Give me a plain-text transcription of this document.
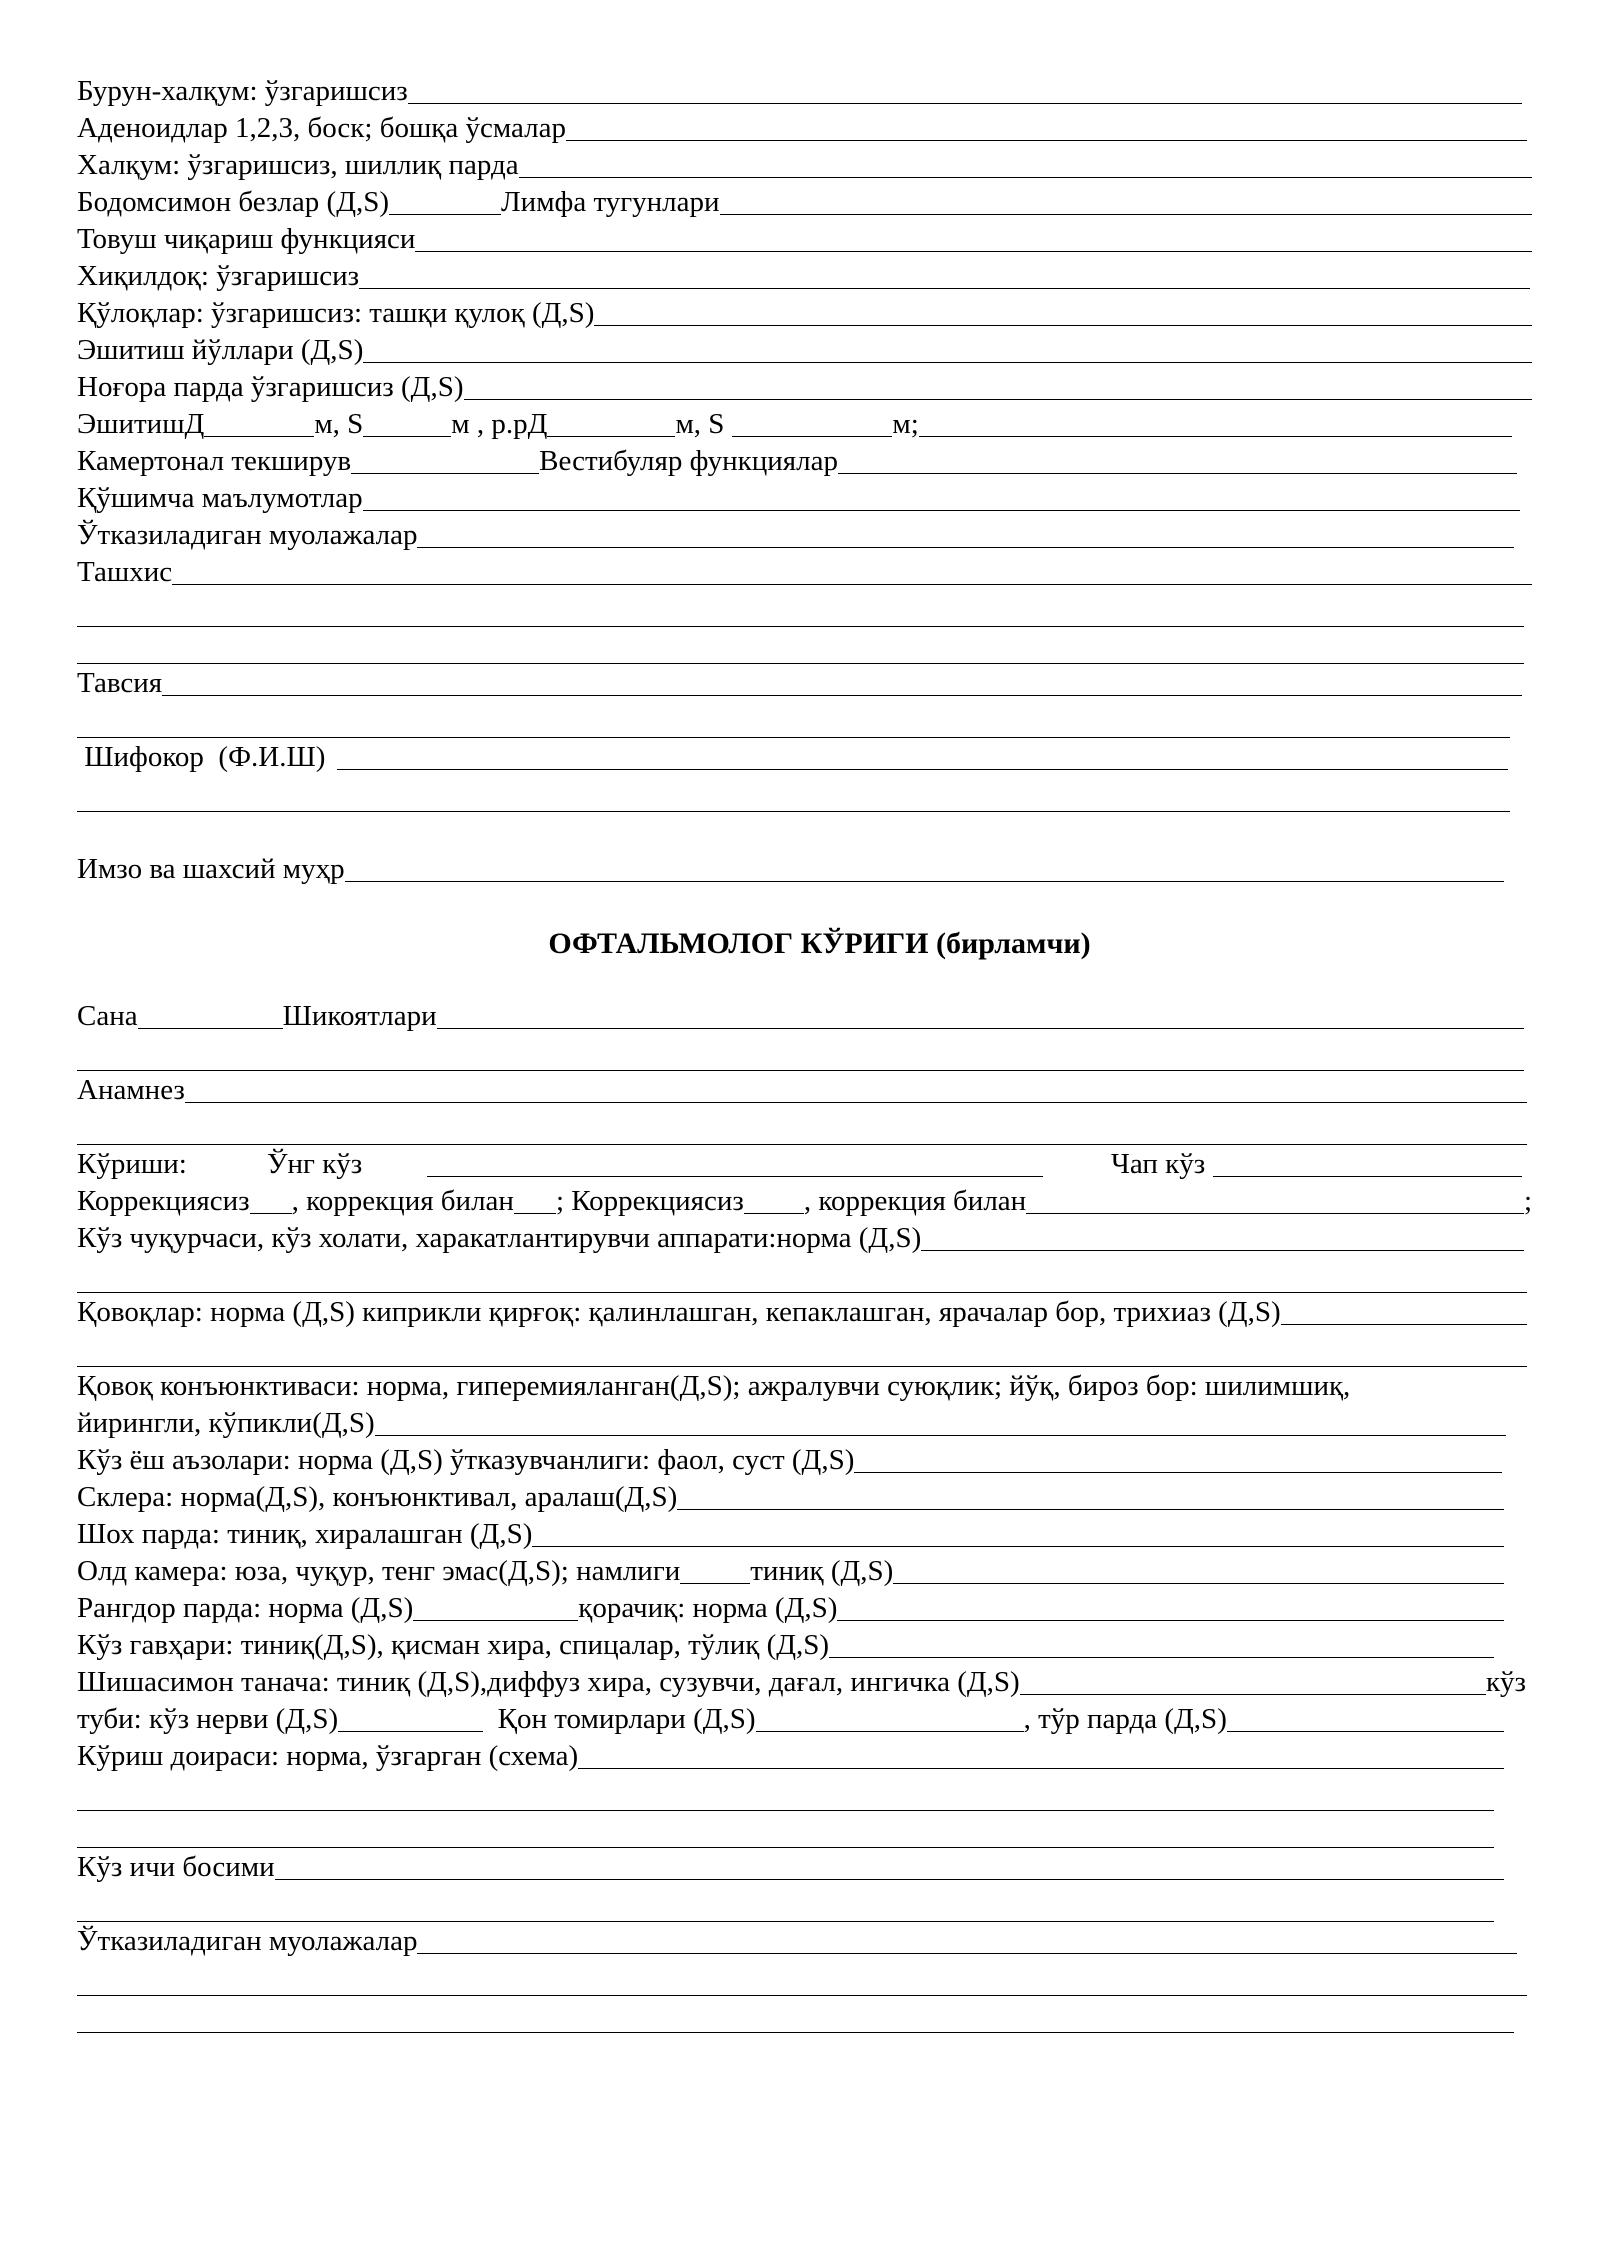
Бурун-халқум: ўзгаришсиз
Аденоидлар 1,2,3, боск; бошқа ўсмалар
Халқум: ўзгаришсиз, шиллиқ парда
Бодомсимон безлар (Д,S)	Лимфа тугунлари
Товуш чиқариш функцияси
Хиқилдоқ: ўзгаришсиз
Қўлоқлар: ўзгаришсиз: ташқи қулоқ (Д,S)
Эшитиш йўллари (Д,S)
Ноғора парда ўзгаришсиз (Д,S)
ЭшитишД	м, S	м , р.рД	м, S	м;
Камертонал текширув	Вестибуляр функциялар
Қўшимча маълумотлар
Ўтказиладиган муолажалар
Ташхис
Тавсия
Шифокор  (Ф.И.Ш)
Имзо ва шахсий муҳр
ОФТАЛЬМОЛОГ КЎРИГИ (бирламчи)
Сана	Шикоятлари
Анамнез
Кўриши:	Ўнг кўз	Чап кўз
Коррекциясиз , коррекция билан ; Коррекциясиз , коррекция билан	;
Кўз чуқурчаси, кўз холати, харакатлантирувчи аппарати:норма (Д,S)
Қовоқлар: норма (Д,S) киприкли қирғоқ: қалинлашган, кепаклашган, ярачалар бор, трихиаз (Д,S)
Қовоқ конъюнктиваси: норма, гиперемияланган(Д,S); ажралувчи суюқлик; йўқ, бироз бор: шилимшиқ,
йирингли, кўпикли(Д,S)
Кўз ёш аъзолари: норма (Д,S) ўтказувчанлиги: фаол, суст (Д,S)
Склера: норма(Д,S), конъюнктивал, аралаш(Д,S)
Шох парда: тиниқ, хиралашган (Д,S)
Олд камера: юза, чуқур, тенг эмас(Д,S); намлиги тиниқ (Д,S)
Рангдор парда: норма (Д,S)	қорачиқ: норма (Д,S)
Кўз гавҳари: тиниқ(Д,S), қисман хира, спицалар, тўлиқ (Д,S)
Шишасимон танача: тиниқ (Д,S),диффуз хира, сузувчи, дағал, ингичка (Д,S)	кўз
туби: кўз нерви (Д,S)	Қон томирлари (Д,S)	, тўр парда (Д,S)
Кўриш доираси: норма, ўзгарган (схема)
Кўз ичи босими
Ўтказиладиган муолажалар
